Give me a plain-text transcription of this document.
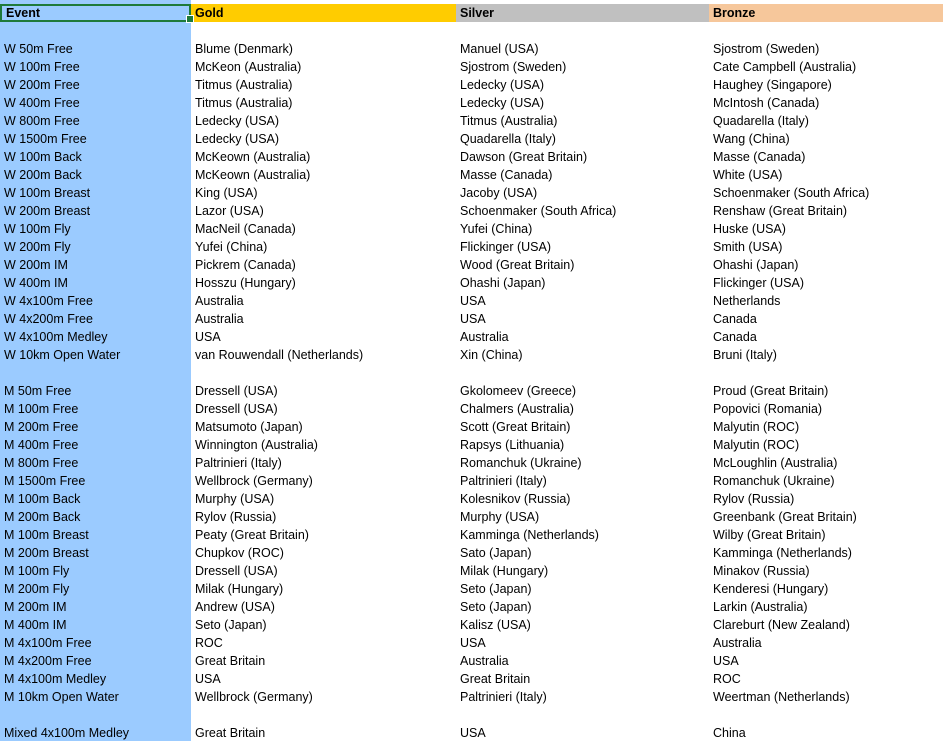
Event	Gold	Silver	Bronze
W 50m Free	Blume (Denmark)	Manuel (USA)	Sjostrom (Sweden)
W 100m Free	McKeon (Australia)	Sjostrom (Sweden)	Cate Campbell (Australia)
W 200m Free	Titmus (Australia)	Ledecky (USA)	Haughey (Singapore)
W 400m Free	Titmus (Australia)	Ledecky (USA)	McIntosh (Canada)
W 800m Free	Ledecky (USA)	Titmus (Australia)	Quadarella (Italy)
W 1500m Free	Ledecky (USA)	Quadarella (Italy)	Wang (China)
W 100m Back	McKeown (Australia)	Dawson (Great Britain)	Masse (Canada)
W 200m Back	McKeown (Australia)	Masse (Canada)	White (USA)
W 100m Breast	King (USA)	Jacoby (USA)	Schoenmaker (South Africa)
W 200m Breast	Lazor (USA)	Schoenmaker (South Africa)	Renshaw (Great Britain)
W 100m Fly	MacNeil (Canada)	Yufei (China)	Huske (USA)
W 200m Fly	Yufei (China)	Flickinger (USA)	Smith (USA)
W 200m IM	Pickrem (Canada)	Wood (Great Britain)	Ohashi (Japan)
W 400m IM	Hosszu (Hungary)	Ohashi (Japan)	Flickinger (USA)
W 4x100m Free	Australia	USA	Netherlands
W 4x200m Free	Australia	USA	Canada
W 4x100m Medley	USA	Australia	Canada
W 10km Open Water	van Rouwendall (Netherlands)	Xin (China)	Bruni (Italy)
M 50m Free	Dressell (USA)	Gkolomeev (Greece)	Proud (Great Britain)
M 100m Free	Dressell (USA)	Chalmers (Australia)	Popovici (Romania)
M 200m Free	Matsumoto (Japan)	Scott (Great Britain)	Malyutin (ROC)
M 400m Free	Winnington (Australia)	Rapsys (Lithuania)	Malyutin (ROC)
M 800m Free	Paltrinieri (Italy)	Romanchuk (Ukraine)	McLoughlin (Australia)
M 1500m Free	Wellbrock (Germany)	Paltrinieri (Italy)	Romanchuk (Ukraine)
M 100m Back	Murphy (USA)	Kolesnikov (Russia)	Rylov (Russia)
M 200m Back	Rylov (Russia)	Murphy (USA)	Greenbank (Great Britain)
M 100m Breast	Peaty (Great Britain)	Kamminga (Netherlands)	Wilby (Great Britain)
M 200m Breast	Chupkov (ROC)	Sato (Japan)	Kamminga (Netherlands)
M 100m Fly	Dressell (USA)	Milak (Hungary)	Minakov (Russia)
M 200m Fly	Milak (Hungary)	Seto (Japan)	Kenderesi (Hungary)
M 200m IM	Andrew (USA)	Seto (Japan)	Larkin (Australia)
M 400m IM	Seto (Japan)	Kalisz (USA)	Clareburt (New Zealand)
M 4x100m Free	ROC	USA	Australia
M 4x200m Free	Great Britain	Australia	USA
M 4x100m Medley	USA	Great Britain	ROC
M 10km Open Water	Wellbrock (Germany)	Paltrinieri (Italy)	Weertman (Netherlands)
Mixed 4x100m Medley	Great Britain	USA	China
